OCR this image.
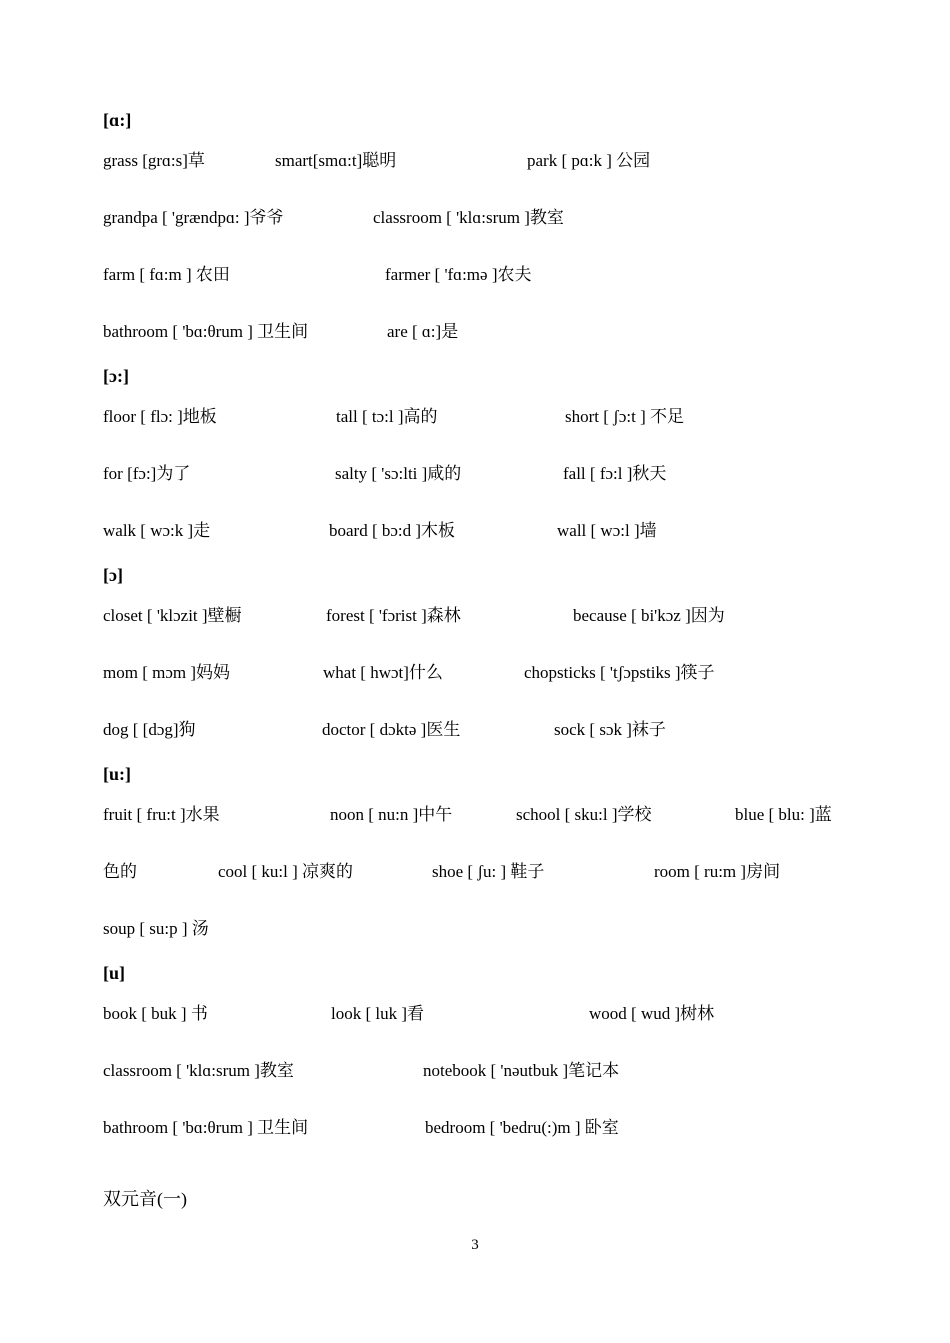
[ɑ:]
grass [grɑ:s]草	smart[smɑ:t]聪明	park [ pɑ:k ] 公园
grandpa [ 'grændpɑ: ]爷爷	classroom [ 'klɑ:srum ]教室
farm [ fɑ:m ] 农田	farmer [ 'fɑ:mə ]农夫
bathroom [ 'bɑ:θrum ] 卫生间	are [ ɑ:]是
[ɔ:]
floor [ flɔ: ]地板	tall [ tɔ:l ]高的	short [ ʃɔ:t ] 不足
for [fɔ:]为了	salty [ 'sɔ:lti ]咸的	fall [ fɔ:l ]秋天
walk [ wɔ:k ]走	board [ bɔ:d ]木板	wall [ wɔ:l ]墙
[ɔ]
closet [ 'klɔzit ]壁橱	forest [ 'fɔrist ]森林	because [ bi'kɔz ]因为
mom [ mɔm ]妈妈	what [ hwɔt]什么	chopsticks [ 'tʃɔpstiks ]筷子
dog [ [dɔg]狗	doctor [ dɔktə ]医生	sock [ sɔk ]袜子
[u:]
fruit [ fru:t ]水果	noon [ nu:n ]中午	school [ sku:l ]学校	blue [ blu: ]蓝
色的	cool [ ku:l ] 凉爽的	shoe [ ʃu: ] 鞋子	room [ ru:m ]房间
soup [ su:p ] 汤
[u]
book [ buk ] 书	look [ luk ]看	wood [ wud ]树林
classroom [ 'klɑ:srum ]教室	notebook [ 'nəutbuk ]笔记本
bathroom [ 'bɑ:θrum ] 卫生间	bedroom [ 'bedru(:)m ] 卧室
双元音(一)
3
